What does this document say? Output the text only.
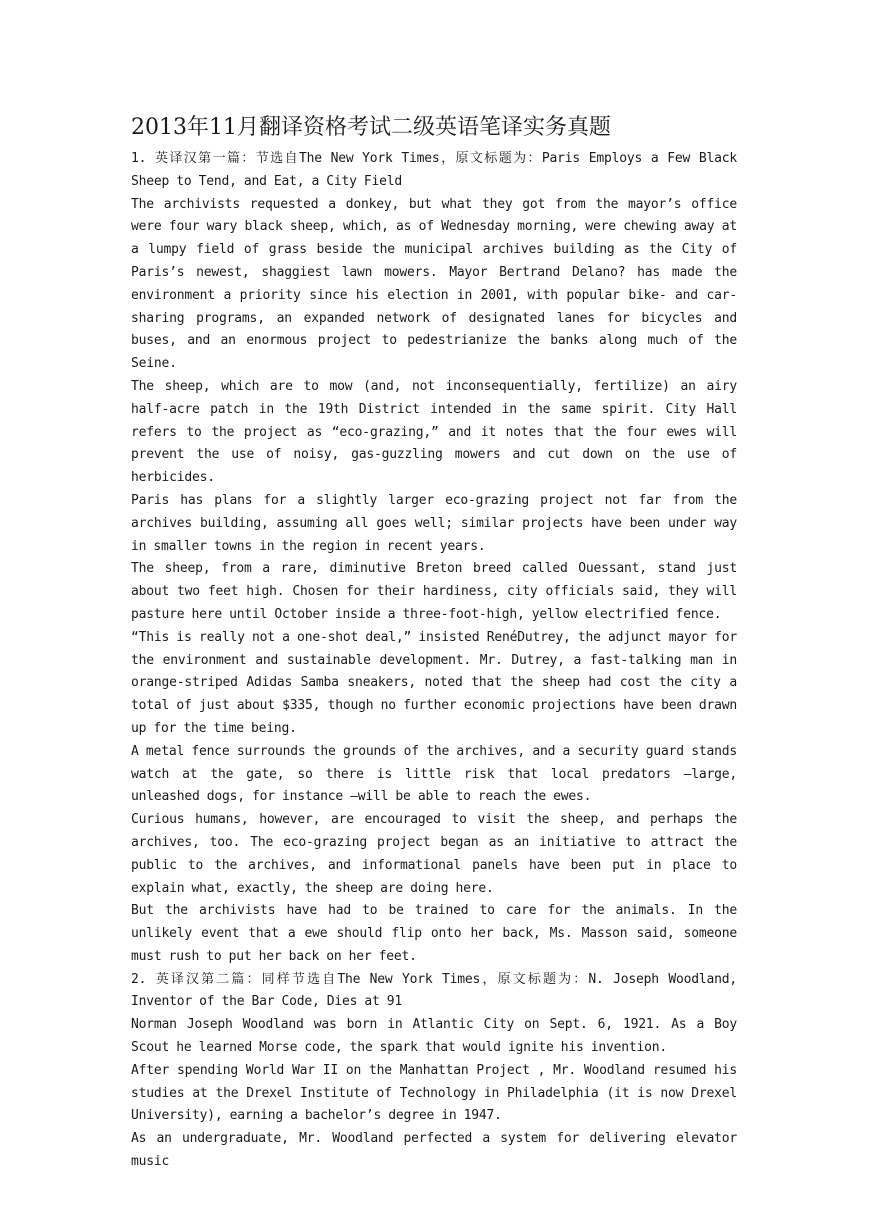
2013年11月翻译资格考试二级英语笔译实务真题

1. 英译汉第一篇：节选自The New York Times，原文标题为：Paris Employs a Few Black Sheep to Tend, and Eat, a City Field

The archivists requested a donkey, but what they got from the mayor’s office were four wary black sheep, which, as of Wednesday morning, were chewing away at a lumpy field of grass beside the municipal archives building as the City of Paris’s newest, shaggiest lawn mowers. Mayor Bertrand Delano? has made the environment a priority since his election in 2001, with popular bike- and car-sharing programs, an expanded network of designated lanes for bicycles and buses, and an enormous project to pedestrianize the banks along much of the Seine.

The sheep, which are to mow (and, not inconsequentially, fertilize) an airy half-acre patch in the 19th District intended in the same spirit. City Hall refers to the project as “eco-grazing,” and it notes that the four ewes will prevent the use of noisy, gas-guzzling mowers and cut down on the use of herbicides.

Paris has plans for a slightly larger eco-grazing project not far from the archives building, assuming all goes well; similar projects have been under way in smaller towns in the region in recent years.

The sheep, from a rare, diminutive Breton breed called Ouessant, stand just about two feet high. Chosen for their hardiness, city officials said, they will pasture here until October inside a three-foot-high, yellow electrified fence.

“This is really not a one-shot deal,” insisted RenéDutrey, the adjunct mayor for the environment and sustainable development. Mr. Dutrey, a fast-talking man in orange-striped Adidas Samba sneakers, noted that the sheep had cost the city a total of just about $335, though no further economic projections have been drawn up for the time being.

A metal fence surrounds the grounds of the archives, and a security guard stands watch at the gate, so there is little risk that local predators —large, unleashed dogs, for instance —will be able to reach the ewes.

Curious humans, however, are encouraged to visit the sheep, and perhaps the archives, too. The eco-grazing project began as an initiative to attract the public to the archives, and informational panels have been put in place to explain what, exactly, the sheep are doing here.

But the archivists have had to be trained to care for the animals. In the unlikely event that a ewe should flip onto her back, Ms. Masson said, someone must rush to put her back on her feet.

2. 英译汉第二篇：同样节选自The New York Times，原文标题为：N. Joseph Woodland, Inventor of the Bar Code, Dies at 91

Norman Joseph Woodland was born in Atlantic City on Sept. 6, 1921. As a Boy Scout he learned Morse code, the spark that would ignite his invention.

After spending World War II on the Manhattan Project , Mr. Woodland resumed his studies at the Drexel Institute of Technology in Philadelphia (it is now Drexel University), earning a bachelor’s degree in 1947.

As an undergraduate, Mr. Woodland perfected a system for delivering elevator music
